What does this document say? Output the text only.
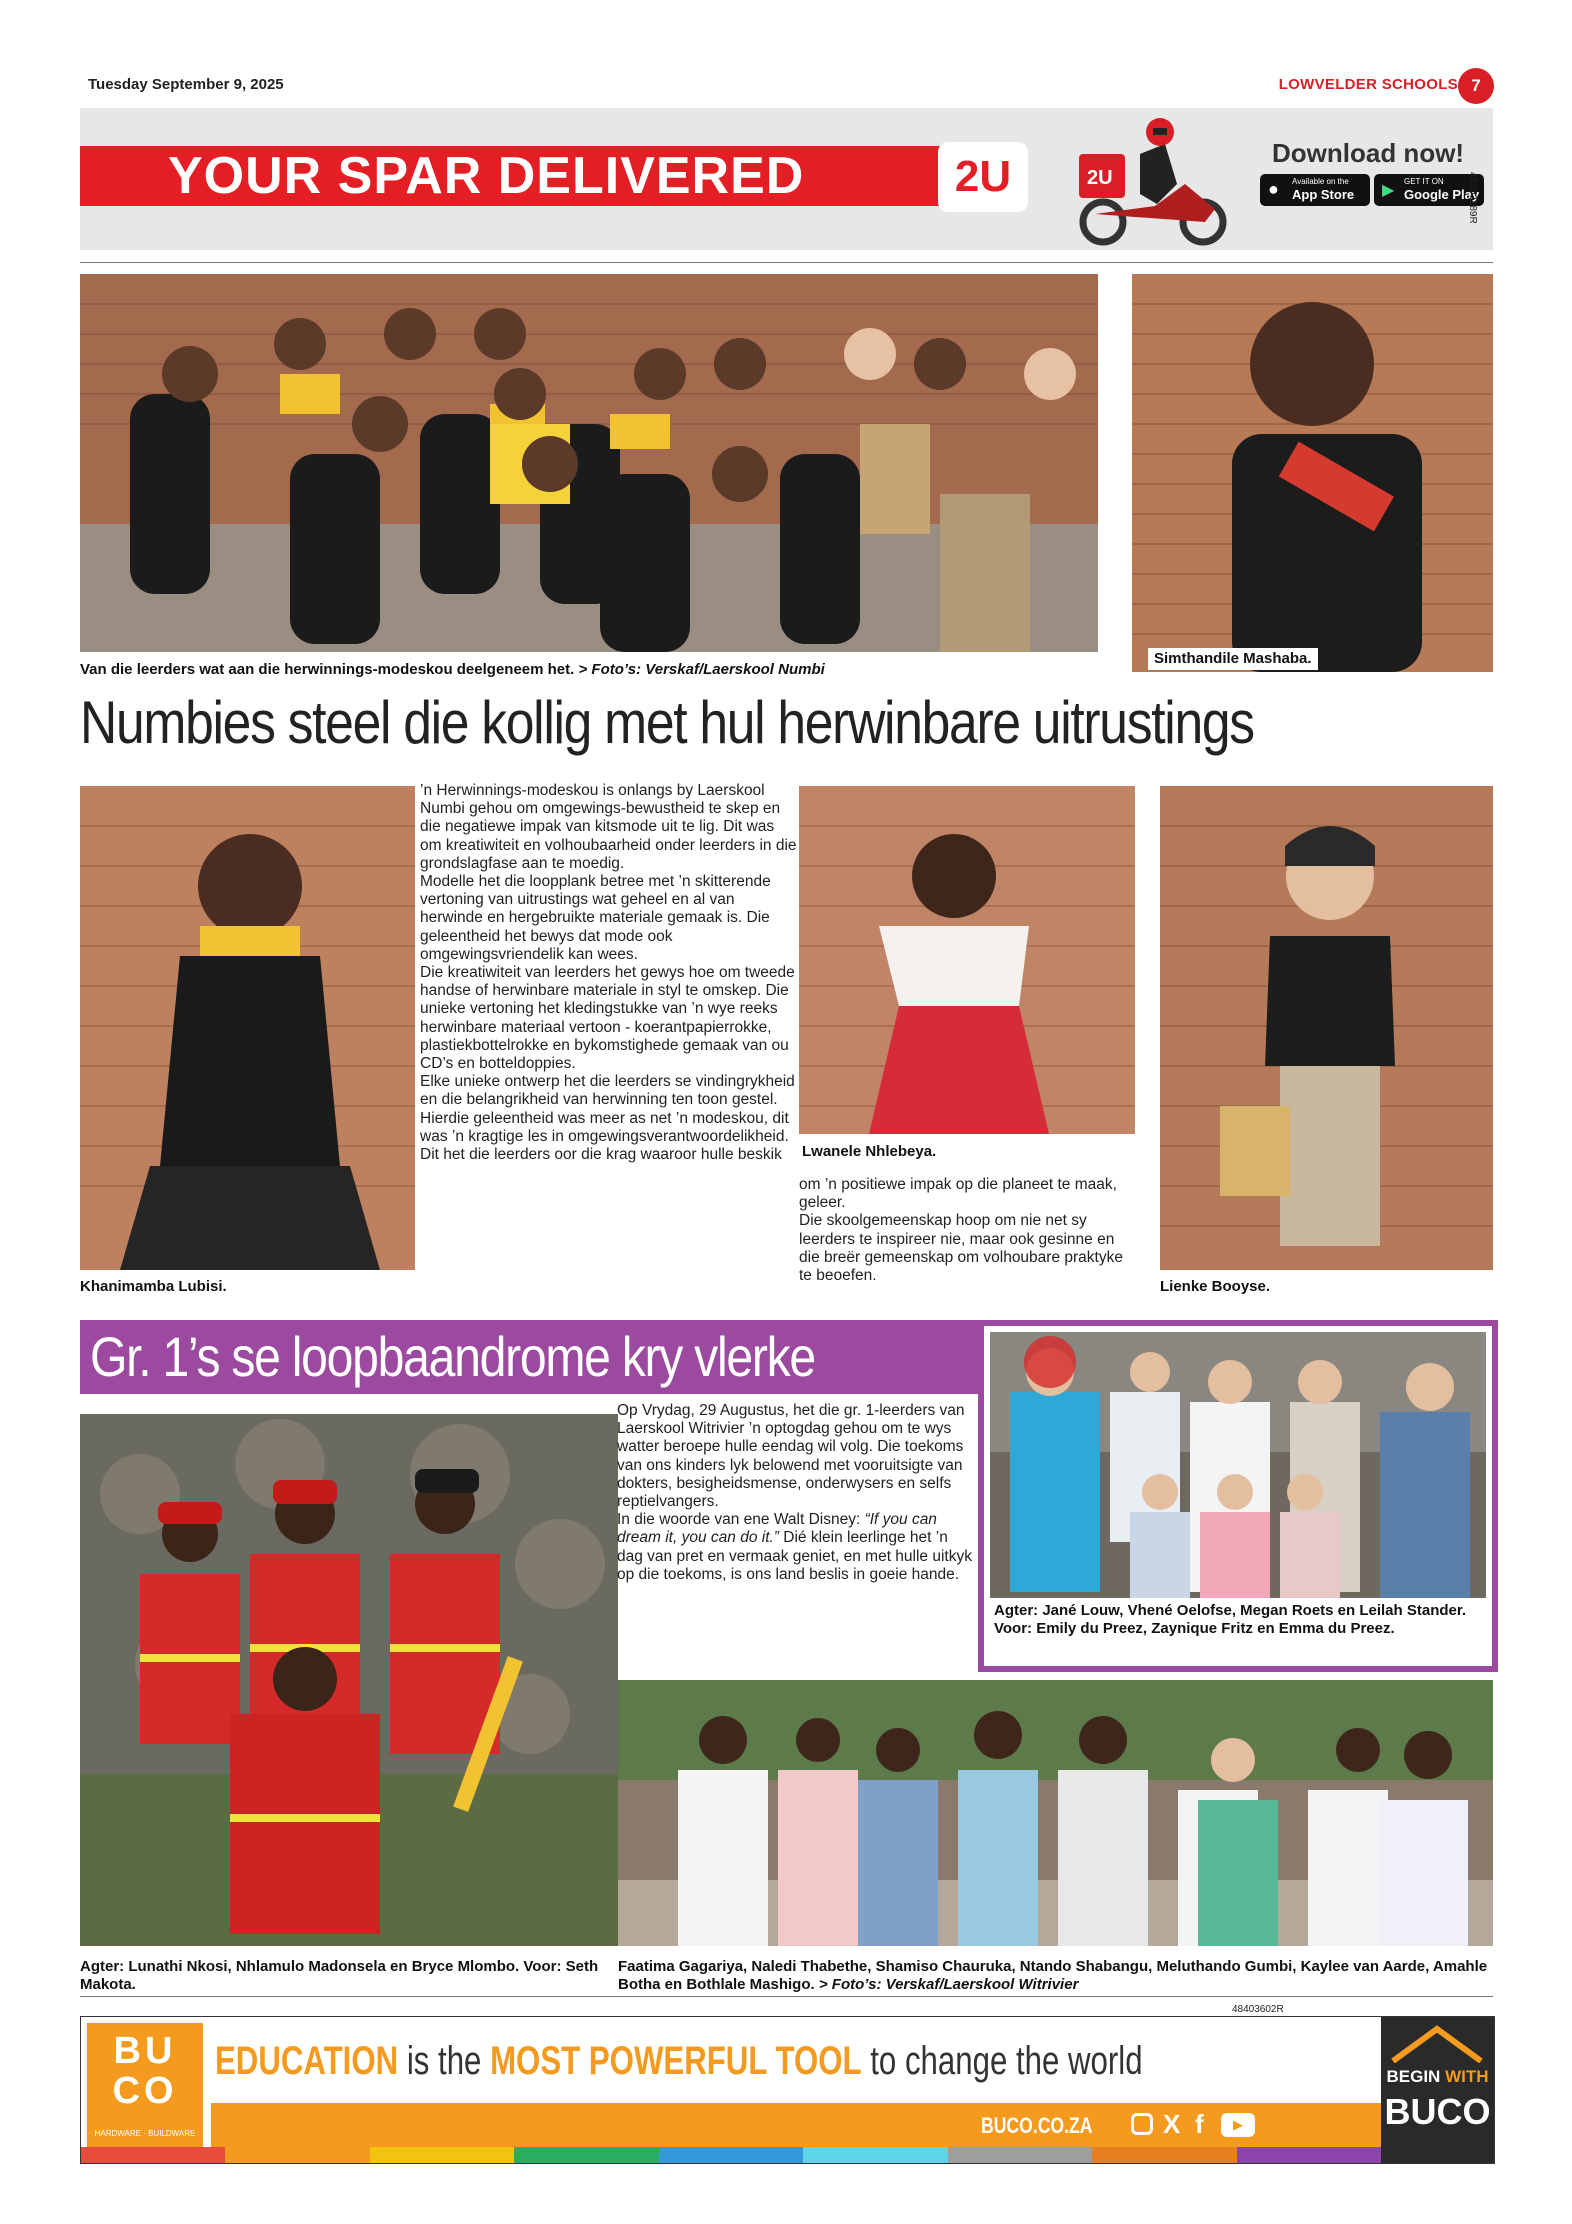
Tuesday September 9, 2025	LOWVELDER SCHOOLS 7
YOUR SPAR DELIVERED	2U	2U
Download now!
● Available on the
App Store ▶
GET IT ON
Google Play
48403189R
Van die leerders wat aan die herwinnings-modeskou deelgeneem het. > Foto’s: Verskaf/Laerskool Numbi
Simthandile Mashaba.
Numbies steel die kollig met hul herwinbare uitrustings
Khanimamba Lubisi.

’n Herwinnings-modeskou is onlangs by Laerskool Numbi gehou om omgewings-bewustheid te skep en die negatiewe impak van kitsmode uit te lig. Dit was om kreatiwiteit en volhoubaarheid onder leerders in die grondslagfase aan te moedig.

Modelle het die loopplank betree met ’n skitterende vertoning van uitrustings wat geheel en al van herwinde en hergebruikte materiale gemaak is. Die geleentheid het bewys dat mode ook omgewingsvriendelik kan wees.

Die kreatiwiteit van leerders het gewys hoe om tweede handse of herwinbare materiale in styl te omskep. Die unieke vertoning het kledingstukke van ’n wye reeks herwinbare materiaal vertoon - koerantpapierrokke, plastiekbottelrokke en bykomstighede gemaak van ou CD’s en botteldoppies.

Elke unieke ontwerp het die leerders se vindingrykheid en die belangrikheid van herwinning ten toon gestel.

Hierdie geleentheid was meer as net ’n modeskou, dit was ’n kragtige les in omgewingsverantwoordelikheid. Dit het die leerders oor die krag waaroor hulle beskik	Lwanele Nhlebeya.

om ’n positiewe impak op die planeet te maak, geleer.

Die skoolgemeenskap hoop om nie net sy leerders te inspireer nie, maar ook gesinne en die breër gemeenskap om volhoubare praktyke te beoefen.

Lienke Booyse.
Gr. 1’s se loopbaandrome kry vlerke
Agter: Jané Louw, Vhené Oelofse, Megan Roets en Leilah Stander. Voor: Emily du Preez, Zaynique Fritz en Emma du Preez.
Agter: Lunathi Nkosi, Nhlamulo Madonsela en Bryce Mlombo. Voor: Seth Makota.

Op Vrydag, 29 Augustus, het die gr. 1-leerders van Laerskool Witrivier ’n optogdag gehou om te wys watter beroepe hulle eendag wil volg. Die toekoms van ons kinders lyk belowend met vooruitsigte van dokters, besigheidsmense, onderwysers en selfs reptielvangers.

In die woorde van ene Walt Disney: “If you can dream it, you can do it.” Dié klein leerlinge het ’n dag van pret en vermaak geniet, en met hulle uitkyk op die toekoms, is ons land beslis in goeie hande.

Faatima Gagariya, Naledi Thabethe, Shamiso Chauruka, Ntando Shabangu, Meluthando Gumbi, Kaylee van Aarde, Amahle Botha en Bothlale Mashigo. > Foto’s: Verskaf/Laerskool Witrivier
48403602R
BU
CO
HARDWARE · BUILDWARE
EDUCATION is the MOST POWERFUL TOOL to change the world
BUCO.CO.ZA	X f ▶
BEGIN WITH
BUCO
